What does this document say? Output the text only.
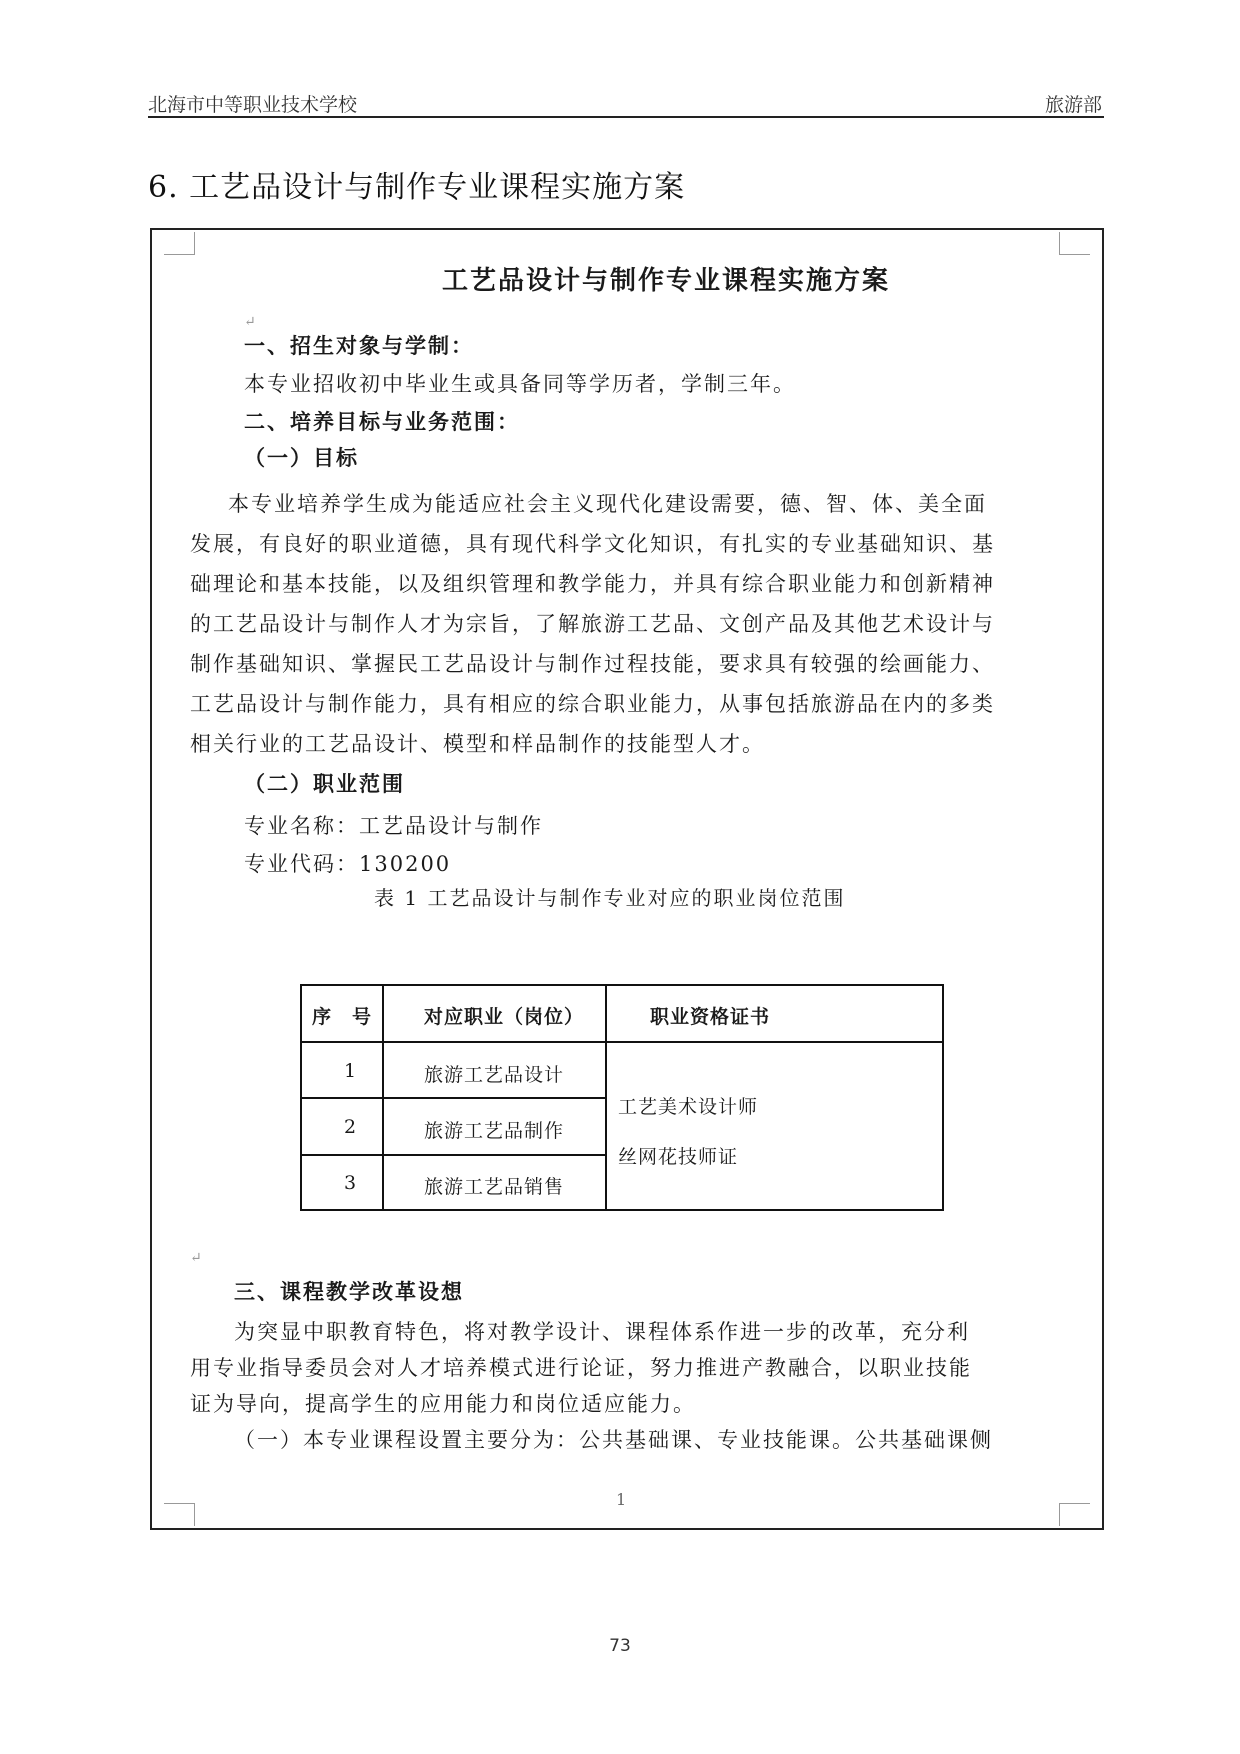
北海市中等职业技术学校	旅游部
6. 工艺品设计与制作专业课程实施方案
工艺品设计与制作专业课程实施方案
↵
一、招生对象与学制：
本专业招收初中毕业生或具备同等学历者，学制三年。
二、培养目标与业务范围：
（一）目标
本专业培养学生成为能适应社会主义现代化建设需要，德、智、体、美全面
发展，有良好的职业道德，具有现代科学文化知识，有扎实的专业基础知识、基
础理论和基本技能，以及组织管理和教学能力，并具有综合职业能力和创新精神
的工艺品设计与制作人才为宗旨，了解旅游工艺品、文创产品及其他艺术设计与
制作基础知识、掌握民工艺品设计与制作过程技能，要求具有较强的绘画能力、
工艺品设计与制作能力，具有相应的综合职业能力，从事包括旅游品在内的多类
相关行业的工艺品设计、模型和样品制作的技能型人才。
（二）职业范围
专业名称：工艺品设计与制作
专业代码：130200
表 1 工艺品设计与制作专业对应的职业岗位范围
序　号	对应职业（岗位）	职业资格证书
1	旅游工艺品设计
2	旅游工艺品制作
3	旅游工艺品销售
工艺美术设计师
丝网花技师证
↵
三、课程教学改革设想
为突显中职教育特色，将对教学设计、课程体系作进一步的改革，充分利
用专业指导委员会对人才培养模式进行论证，努力推进产教融合，以职业技能
证为导向，提高学生的应用能力和岗位适应能力。
（一）本专业课程设置主要分为：公共基础课、专业技能课。公共基础课侧
1
73
